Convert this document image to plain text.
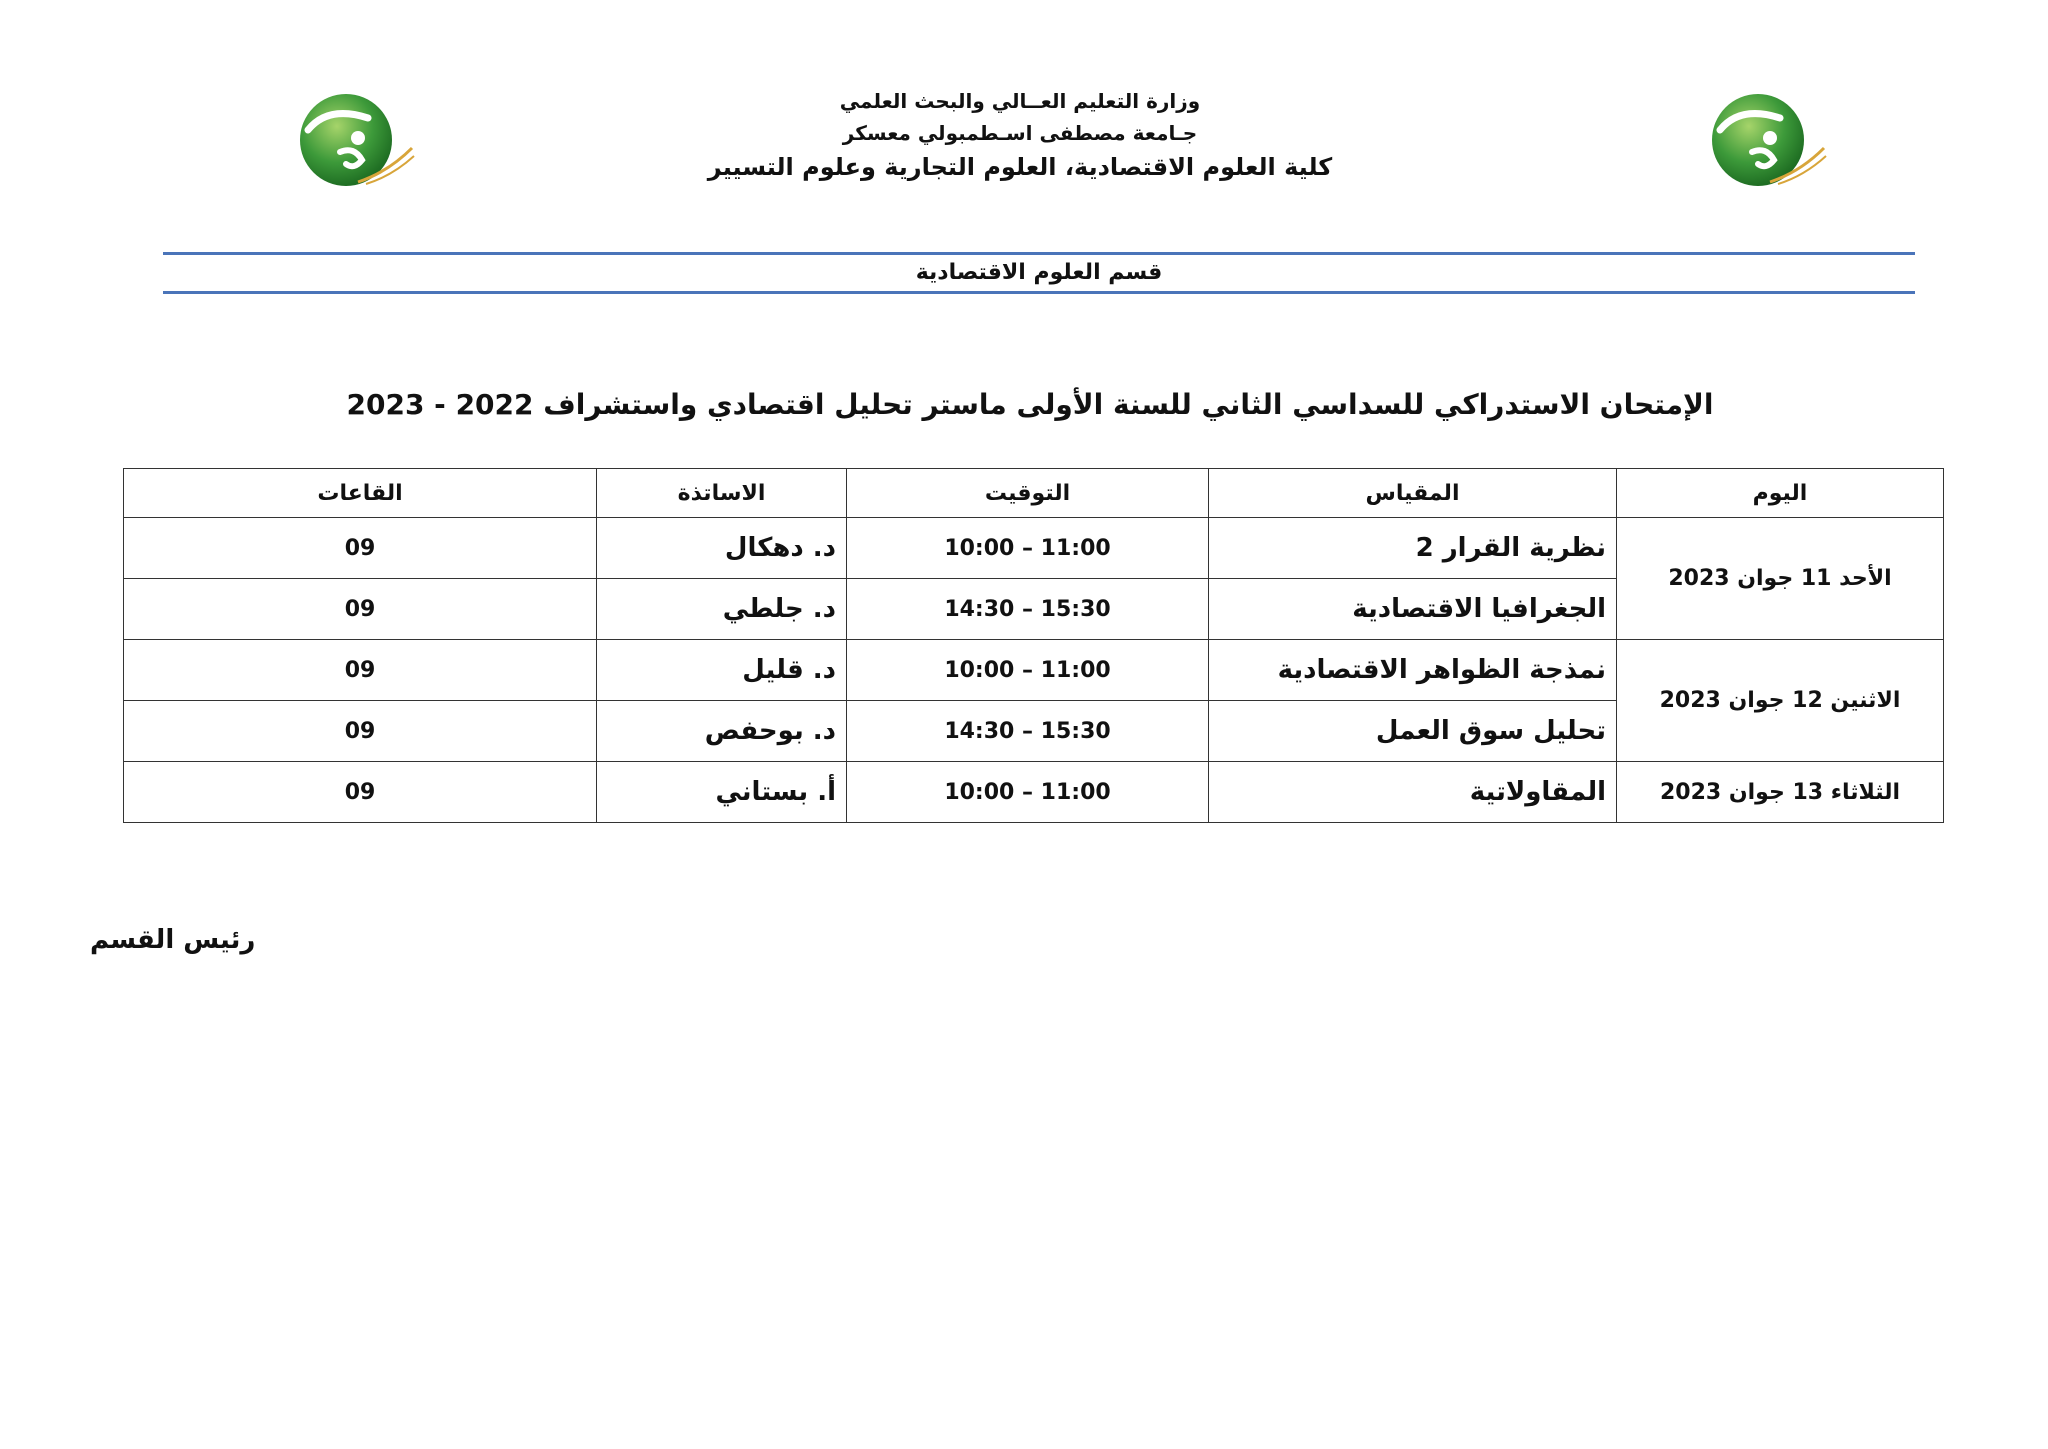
وزارة التعليم العــالي والبحث العلمي
جـامعة مصطفى اسـطمبولي معسكر
كلية العلوم الاقتصادية، العلوم التجارية وعلوم التسيير
قسم العلوم الاقتصادية
الإمتحان الاستدراكي للسداسي الثاني للسنة الأولى ماستر تحليل اقتصادي واستشراف 2022 - 2023
القاعات	الاساتذة	التوقيت	المقياس	اليوم
09	د. دهكال	10:00 – 11:00	نظرية القرار 2	الأحد 11 جوان 2023
09	د. جلطي	14:30 – 15:30	الجغرافيا الاقتصادية	
09	د. قليل	10:00 – 11:00	نمذجة الظواهر الاقتصادية	الاثنين 12 جوان 2023
09	د. بوحفص	14:30 – 15:30	تحليل سوق العمل	
09	أ. بستاني	10:00 – 11:00	المقاولاتية	الثلاثاء 13 جوان 2023
رئيس القسم
